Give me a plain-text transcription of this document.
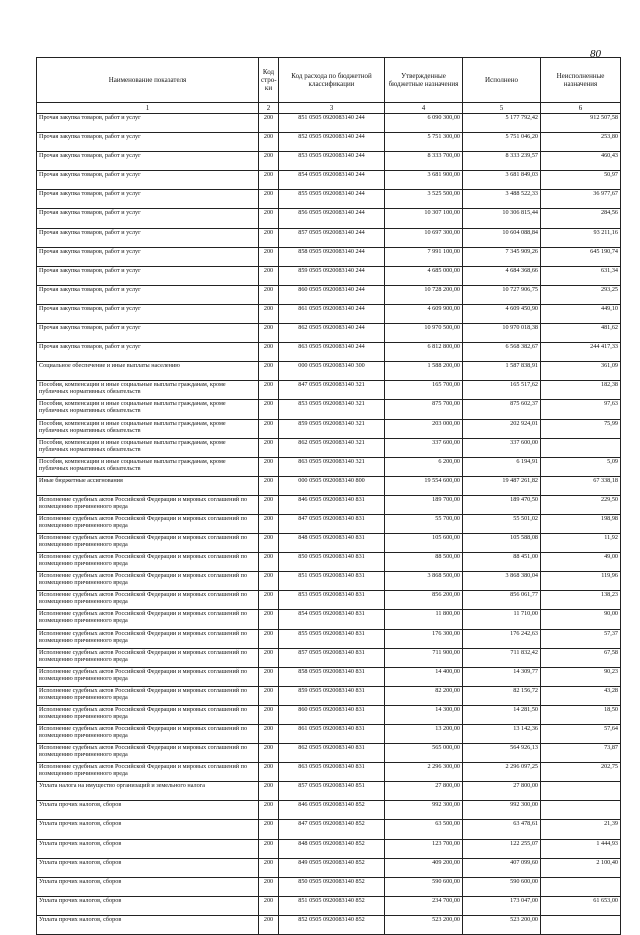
80
Наименование показателя	Код стро-ки	Код расхода по бюджетной классификации	Утвержденные бюджетные назначения	Исполнено	Неисполненные назначения
1	2	3	4	5	6
Прочая закупка товаров, работ и услуг	200	851 0505 0920083140 244	6 090 300,00	5 177 792,42	912 507,58
Прочая закупка товаров, работ и услуг	200	852 0505 0920083140 244	5 751 300,00	5 751 046,20	253,80
Прочая закупка товаров, работ и услуг	200	853 0505 0920083140 244	8 333 700,00	8 333 239,57	460,43
Прочая закупка товаров, работ и услуг	200	854 0505 0920083140 244	3 681 900,00	3 681 849,03	50,97
Прочая закупка товаров, работ и услуг	200	855 0505 0920083140 244	3 525 500,00	3 488 522,33	36 977,67
Прочая закупка товаров, работ и услуг	200	856 0505 0920083140 244	10 307 100,00	10 306 815,44	284,56
Прочая закупка товаров, работ и услуг	200	857 0505 0920083140 244	10 697 300,00	10 604 088,84	93 211,16
Прочая закупка товаров, работ и услуг	200	858 0505 0920083140 244	7 991 100,00	7 345 909,26	645 190,74
Прочая закупка товаров, работ и услуг	200	859 0505 0920083140 244	4 685 000,00	4 684 368,66	631,34
Прочая закупка товаров, работ и услуг	200	860 0505 0920083140 244	10 728 200,00	10 727 906,75	293,25
Прочая закупка товаров, работ и услуг	200	861 0505 0920083140 244	4 609 900,00	4 609 450,90	449,10
Прочая закупка товаров, работ и услуг	200	862 0505 0920083140 244	10 970 500,00	10 970 018,38	481,62
Прочая закупка товаров, работ и услуг	200	863 0505 0920083140 244	6 812 800,00	6 568 382,67	244 417,33
Социальное обеспечение и иные выплаты населению	200	000 0505 0920083140 300	1 588 200,00	1 587 838,91	361,09
Пособия, компенсации и иные социальные выплаты гражданам, кроме публичных нормативных обязательств	200	847 0505 0920083140 321	165 700,00	165 517,62	182,38
Пособия, компенсации и иные социальные выплаты гражданам, кроме публичных нормативных обязательств	200	853 0505 0920083140 321	875 700,00	875 602,37	97,63
Пособия, компенсации и иные социальные выплаты гражданам, кроме публичных нормативных обязательств	200	859 0505 0920083140 321	203 000,00	202 924,01	75,99
Пособия, компенсации и иные социальные выплаты гражданам, кроме публичных нормативных обязательств	200	862 0505 0920083140 321	337 600,00	337 600,00	
Пособия, компенсации и иные социальные выплаты гражданам, кроме публичных нормативных обязательств	200	863 0505 0920083140 321	6 200,00	6 194,91	5,09
Иные бюджетные ассигнования	200	000 0505 0920083140 800	19 554 600,00	19 487 261,82	67 338,18
Исполнение судебных актов Российской Федерации и мировых соглашений по возмещению причиненного вреда	200	846 0505 0920083140 831	189 700,00	189 470,50	229,50
Исполнение судебных актов Российской Федерации и мировых соглашений по возмещению причиненного вреда	200	847 0505 0920083140 831	55 700,00	55 501,02	198,98
Исполнение судебных актов Российской Федерации и мировых соглашений по возмещению причиненного вреда	200	848 0505 0920083140 831	105 600,00	105 588,08	11,92
Исполнение судебных актов Российской Федерации и мировых соглашений по возмещению причиненного вреда	200	850 0505 0920083140 831	88 500,00	88 451,00	49,00
Исполнение судебных актов Российской Федерации и мировых соглашений по возмещению причиненного вреда	200	851 0505 0920083140 831	3 868 500,00	3 868 380,04	119,96
Исполнение судебных актов Российской Федерации и мировых соглашений по возмещению причиненного вреда	200	853 0505 0920083140 831	856 200,00	856 061,77	138,23
Исполнение судебных актов Российской Федерации и мировых соглашений по возмещению причиненного вреда	200	854 0505 0920083140 831	11 800,00	11 710,00	90,00
Исполнение судебных актов Российской Федерации и мировых соглашений по возмещению причиненного вреда	200	855 0505 0920083140 831	176 300,00	176 242,63	57,37
Исполнение судебных актов Российской Федерации и мировых соглашений по возмещению причиненного вреда	200	857 0505 0920083140 831	711 900,00	711 832,42	67,58
Исполнение судебных актов Российской Федерации и мировых соглашений по возмещению причиненного вреда	200	858 0505 0920083140 831	14 400,00	14 309,77	90,23
Исполнение судебных актов Российской Федерации и мировых соглашений по возмещению причиненного вреда	200	859 0505 0920083140 831	82 200,00	82 156,72	43,28
Исполнение судебных актов Российской Федерации и мировых соглашений по возмещению причиненного вреда	200	860 0505 0920083140 831	14 300,00	14 281,50	18,50
Исполнение судебных актов Российской Федерации и мировых соглашений по возмещению причиненного вреда	200	861 0505 0920083140 831	13 200,00	13 142,36	57,64
Исполнение судебных актов Российской Федерации и мировых соглашений по возмещению причиненного вреда	200	862 0505 0920083140 831	565 000,00	564 926,13	73,87
Исполнение судебных актов Российской Федерации и мировых соглашений по возмещению причиненного вреда	200	863 0505 0920083140 831	2 296 300,00	2 296 097,25	202,75
Уплата налога на имущество организаций и земельного налога	200	857 0505 0920083140 851	27 800,00	27 800,00	
Уплата прочих налогов, сборов	200	846 0505 0920083140 852	992 300,00	992 300,00	
Уплата прочих налогов, сборов	200	847 0505 0920083140 852	63 500,00	63 478,61	21,39
Уплата прочих налогов, сборов	200	848 0505 0920083140 852	123 700,00	122 255,07	1 444,93
Уплата прочих налогов, сборов	200	849 0505 0920083140 852	409 200,00	407 099,60	2 100,40
Уплата прочих налогов, сборов	200	850 0505 0920083140 852	590 600,00	590 600,00	
Уплата прочих налогов, сборов	200	851 0505 0920083140 852	234 700,00	173 047,00	61 653,00
Уплата прочих налогов, сборов	200	852 0505 0920083140 852	523 200,00	523 200,00	
